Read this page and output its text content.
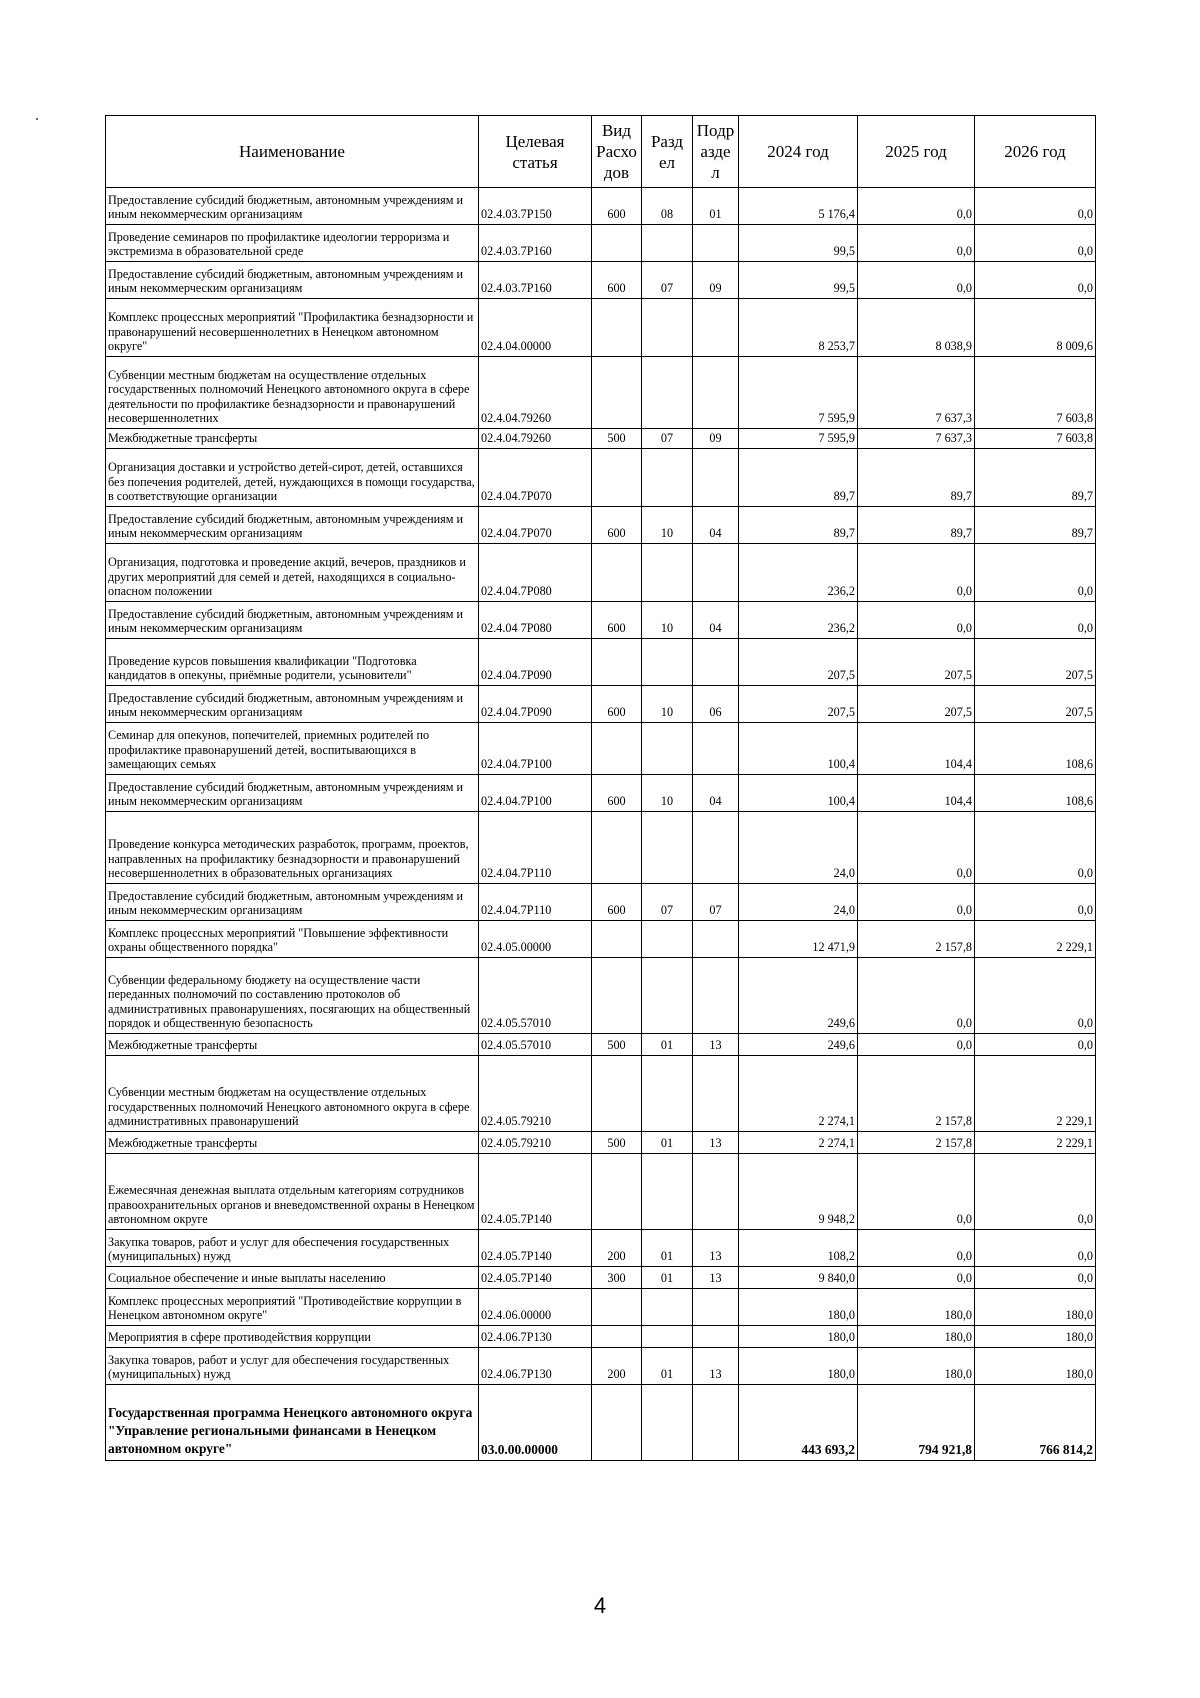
Наименование	Целевая статья	Вид Расхо дов	Разд ел	Подр азде л	2024 год	2025 год	2026 год
Предоставление субсидий бюджетным, автономным учреждениям и иным некоммерческим организациям	02.4.03.7Р150	600	08	01	5 176,4	0,0	0,0
Проведение семинаров по профилактике идеологии терроризма и экстремизма в образовательной среде	02.4.03.7Р160				99,5	0,0	0,0
Предоставление субсидий бюджетным, автономным учреждениям и иным некоммерческим организациям	02.4.03.7Р160	600	07	09	99,5	0,0	0,0
Комплекс процессных мероприятий "Профилактика безнадзорности и правонарушений несовершеннолетних в Ненецком автономном округе"	02.4.04.00000				8 253,7	8 038,9	8 009,6
Субвенции местным бюджетам на осуществление отдельных государственных полномочий Ненецкого автономного округа в сфере деятельности по профилактике безнадзорности и правонарушений несовершеннолетних	02.4.04.79260				7 595,9	7 637,3	7 603,8
Межбюджетные трансферты	02.4.04.79260	500	07	09	7 595,9	7 637,3	7 603,8
Организация доставки и устройство детей-сирот, детей, оставшихся без попечения родителей, детей, нуждающихся в помощи государства, в соответствующие организации	02.4.04.7Р070				89,7	89,7	89,7
Предоставление субсидий бюджетным, автономным учреждениям и иным некоммерческим организациям	02.4.04.7Р070	600	10	04	89,7	89,7	89,7
Организация, подготовка и проведение акций, вечеров, праздников и других мероприятий для семей и детей, находящихся в социально-опасном положении	02.4.04.7Р080				236,2	0,0	0,0
Предоставление субсидий бюджетным, автономным учреждениям и иным некоммерческим организациям	02.4.04 7Р080	600	10	04	236,2	0,0	0,0
Проведение курсов повышения квалификации "Подготовка кандидатов в опекуны, приёмные родители, усыновители"	02.4.04.7Р090				207,5	207,5	207,5
Предоставление субсидий бюджетным, автономным учреждениям и иным некоммерческим организациям	02.4.04.7Р090	600	10	06	207,5	207,5	207,5
Семинар для опекунов, попечителей, приемных родителей по профилактике правонарушений детей, воспитывающихся в замещающих семьях	02.4.04.7Р100				100,4	104,4	108,6
Предоставление субсидий бюджетным, автономным учреждениям и иным некоммерческим организациям	02.4.04.7Р100	600	10	04	100,4	104,4	108,6
Проведение конкурса методических разработок, программ, проектов, направленных на профилактику безнадзорности и правонарушений несовершеннолетних в образовательных организациях	02.4.04.7Р110				24,0	0,0	0,0
Предоставление субсидий бюджетным, автономным учреждениям и иным некоммерческим организациям	02.4.04.7Р110	600	07	07	24,0	0,0	0,0
Комплекс процессных мероприятий "Повышение эффективности охраны общественного порядка"	02.4.05.00000				12 471,9	2 157,8	2 229,1
Субвенции федеральному бюджету на осуществление части переданных полномочий по составлению протоколов об административных правонарушениях, посягающих на общественный порядок и общественную безопасность	02.4.05.57010				249,6	0,0	0,0
Межбюджетные трансферты	02.4.05.57010	500	01	13	249,6	0,0	0,0
Субвенции местным бюджетам на осуществление отдельных государственных полномочий Ненецкого автономного округа в сфере административных правонарушений	02.4.05.79210				2 274,1	2 157,8	2 229,1
Межбюджетные трансферты	02.4.05.79210	500	01	13	2 274,1	2 157,8	2 229,1
Ежемесячная денежная выплата отдельным категориям сотрудников правоохранительных органов и вневедомственной охраны в Ненецком автономном округе	02.4.05.7Р140				9 948,2	0,0	0,0
Закупка товаров, работ и услуг для обеспечения государственных (муниципальных) нужд	02.4.05.7Р140	200	01	13	108,2	0,0	0,0
Социальное обеспечение и иные выплаты населению	02.4.05.7Р140	300	01	13	9 840,0	0,0	0,0
Комплекс процессных мероприятий "Противодействие коррупции в Ненецком автономном округе"	02.4.06.00000				180,0	180,0	180,0
Мероприятия в сфере противодействия коррупции	02.4.06.7Р130				180,0	180,0	180,0
Закупка товаров, работ и услуг для обеспечения государственных (муниципальных) нужд	02.4.06.7Р130	200	01	13	180,0	180,0	180,0
Государственная программа Ненецкого автономного округа "Управление региональными финансами в Ненецком автономном округе"	03.0.00.00000				443 693,2	794 921,8	766 814,2
4
